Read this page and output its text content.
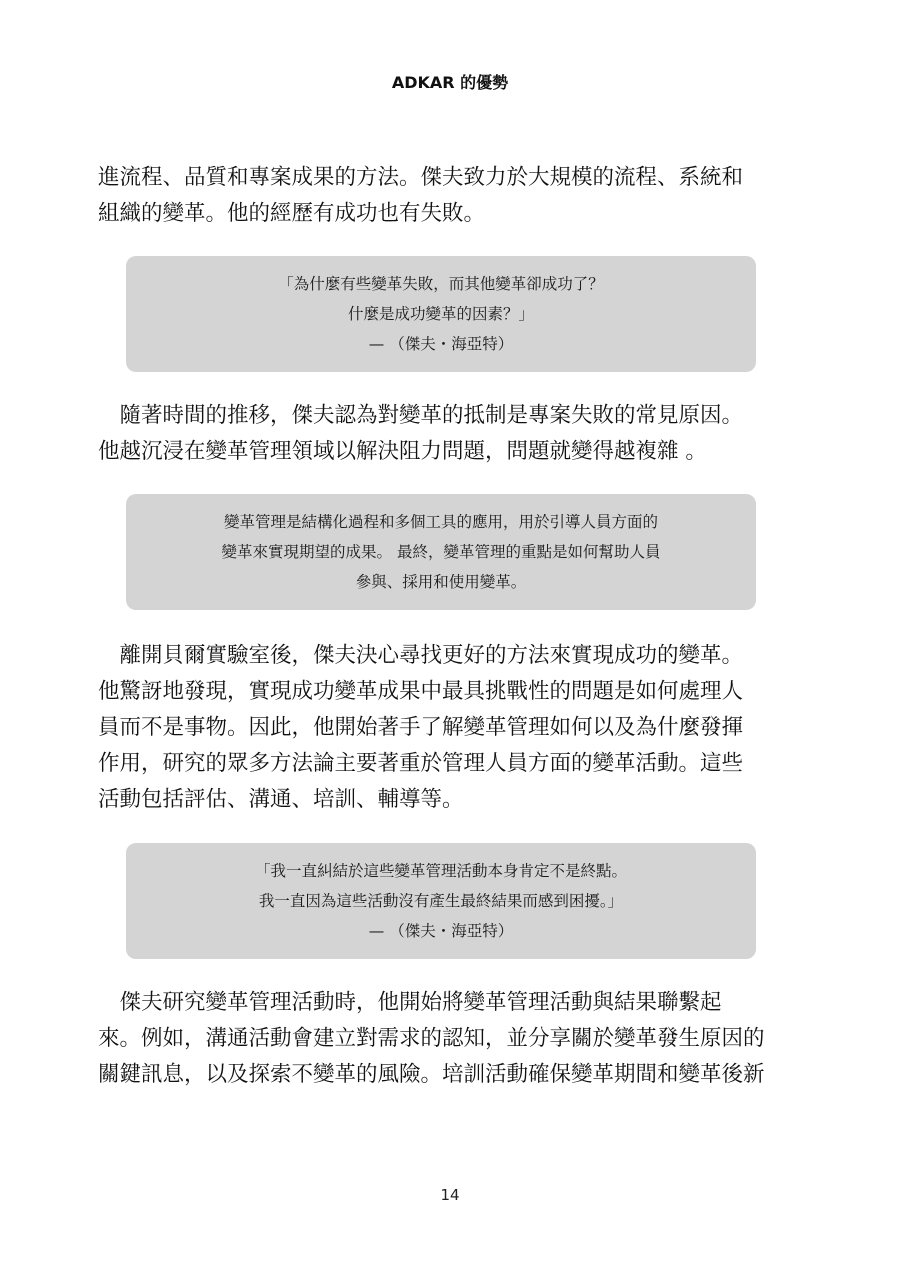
ADKAR 的優勢

進流程、品質和專案成果的方法。傑夫致力於大規模的流程、系統和
組織的變革。他的經歷有成功也有失敗。

「為什麼有些變革失敗，而其他變革卻成功了？
什麼是成功變革的因素？」
— （傑夫・海亞特）

　隨著時間的推移，傑夫認為對變革的抵制是專案失敗的常見原因。
他越沉浸在變革管理領域以解決阻力問題，問題就變得越複雜 。

變革管理是結構化過程和多個工具的應用，用於引導人員方面的
變革來實現期望的成果。 最終，變革管理的重點是如何幫助人員
參與、採用和使用變革。

　離開貝爾實驗室後，傑夫決心尋找更好的方法來實現成功的變革。
他驚訝地發現，實現成功變革成果中最具挑戰性的問題是如何處理人
員而不是事物。因此，他開始著手了解變革管理如何以及為什麼發揮
作用，研究的眾多方法論主要著重於管理人員方面的變革活動。這些
活動包括評估、溝通、培訓、輔導等。

「我一直糾結於這些變革管理活動本身肯定不是終點。
我一直因為這些活動沒有產生最終結果而感到困擾。」
— （傑夫・海亞特）

　傑夫研究變革管理活動時，他開始將變革管理活動與結果聯繫起
來。例如，溝通活動會建立對需求的認知，並分享關於變革發生原因的
關鍵訊息，以及探索不變革的風險。培訓活動確保變革期間和變革後新

14
